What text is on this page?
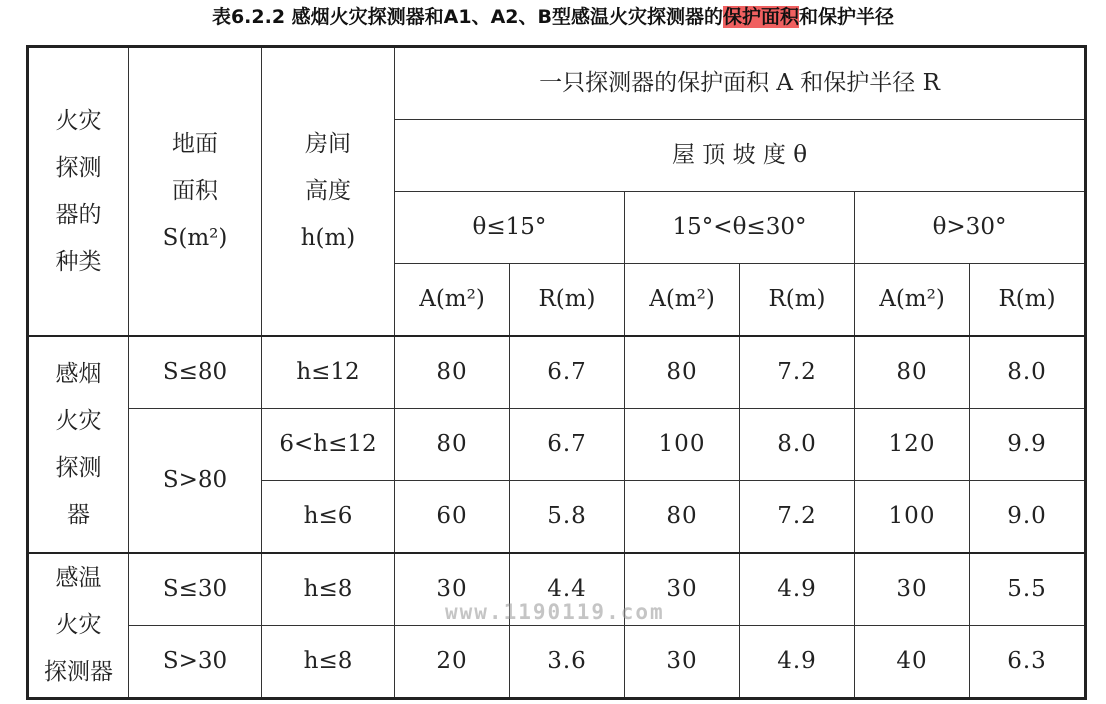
表6.2.2 感烟火灾探测器和A1、A2、B型感温火灾探测器的保护面积和保护半径
火灾
探测
器的
种类	地面
面积
S(m²)	房间
高度
h(m)	一只探测器的保护面积 A 和保护半径 R					
			屋 顶 坡 度 θ					
			θ≤15°		15°<θ≤30°		θ>30°	
			A(m²)	R(m)	A(m²)	R(m)	A(m²)	R(m)
感烟
火灾
探测
器	S≤80	h≤12	80	6.7	80	7.2	80	8.0
	S>80	6<h≤12	80	6.7	100	8.0	120	9.9
		h≤6	60	5.8	80	7.2	100	9.0
感温
火灾
探测器	S≤30	h≤8	30	4.4	30	4.9	30	5.5
	S>30	h≤8	20	3.6	30	4.9	40	6.3
www.1190119.com
